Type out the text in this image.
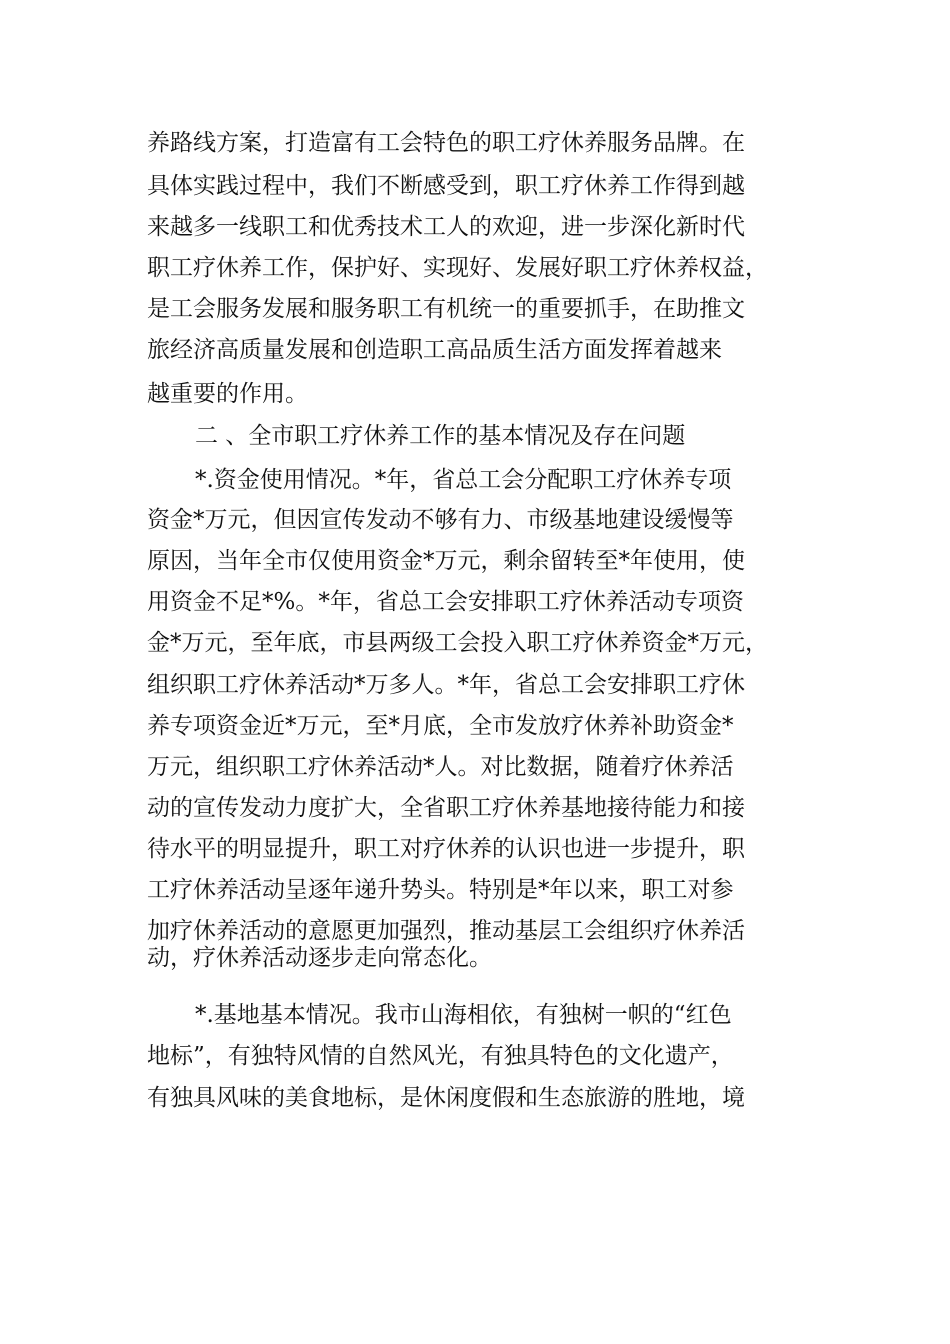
养路线方案，打造富有工会特色的职工疗休养服务品牌。在
具体实践过程中，我们不断感受到，职工疗休养工作得到越
来越多一线职工和优秀技术工人的欢迎，进一步深化新时代
职工疗休养工作，保护好、实现好、发展好职工疗休养权益，
是工会服务发展和服务职工有机统一的重要抓手，在助推文
旅经济高质量发展和创造职工高品质生活方面发挥着越来
越重要的作用。
二 、全市职工疗休养工作的基本情况及存在问题
*.资金使用情况。*年，省总工会分配职工疗休养专项
资金*万元，但因宣传发动不够有力、市级基地建设缓慢等
原因，当年全市仅使用资金*万元，剩余留转至*年使用，使
用资金不足*%。*年，省总工会安排职工疗休养活动专项资
金*万元，至年底，市县两级工会投入职工疗休养资金*万元，
组织职工疗休养活动*万多人。*年，省总工会安排职工疗休
养专项资金近*万元，至*月底，全市发放疗休养补助资金*
万元，组织职工疗休养活动*人。对比数据，随着疗休养活
动的宣传发动力度扩大，全省职工疗休养基地接待能力和接
待水平的明显提升，职工对疗休养的认识也进一步提升，职
工疗休养活动呈逐年递升势头。特别是*年以来，职工对参
加疗休养活动的意愿更加强烈，推动基层工会组织疗休养活
动，疗休养活动逐步走向常态化。
*.基地基本情况。我市山海相依，有独树一帜的“红色
地标”，有独特风情的自然风光，有独具特色的文化遗产，
有独具风味的美食地标，是休闲度假和生态旅游的胜地，境
